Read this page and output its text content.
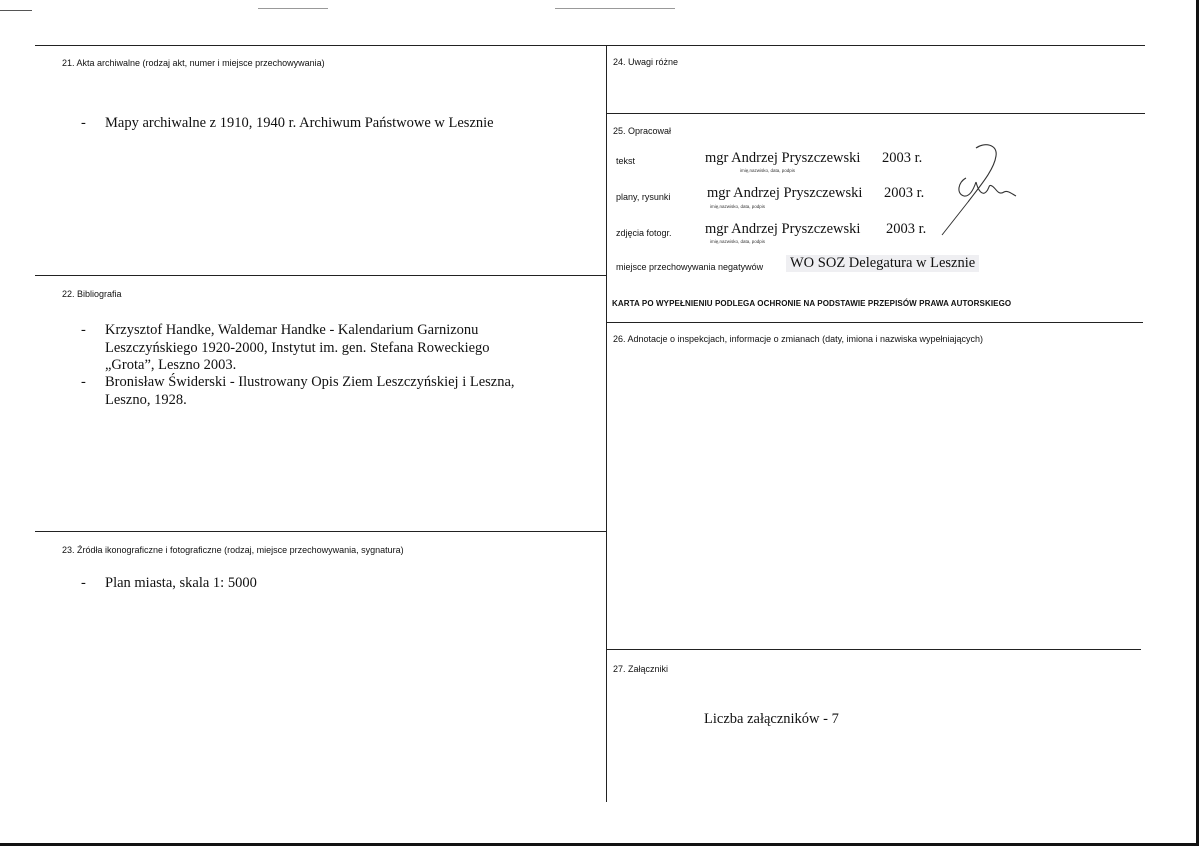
21. Akta archiwalne (rodzaj akt, numer i miejsce przechowywania)
- Mapy archiwalne z 1910, 1940 r. Archiwum Państwowe w Lesznie
22. Bibliografia
- Krzysztof Handke, Waldemar Handke - Kalendarium Garnizonu
Leszczyńskiego 1920-2000, Instytut im. gen. Stefana Roweckiego
„Grota”, Leszno 2003.
- Bronisław Świderski - Ilustrowany Opis Ziem Leszczyńskiej i Leszna,
Leszno, 1928.
23. Źródła ikonograficzne i fotograficzne (rodzaj, miejsce przechowywania, sygnatura)
- Plan miasta, skala 1: 5000
24. Uwagi różne
25. Opracował
tekst	mgr Andrzej Pryszczewski 2003 r.
imię,nazwisko, data, podpis
plany, rysunki	mgr Andrzej Pryszczewski 2003 r.
imię,nazwisko, data, podpis
zdjęcia fotogr. mgr Andrzej Pryszczewski 2003 r.
imię,nazwisko, data, podpis
miejsce przechowywania negatywów WO SOZ Delegatura w Lesznie
KARTA PO WYPEŁNIENIU PODLEGA OCHRONIE NA PODSTAWIE PRZEPISÓW PRAWA AUTORSKIEGO
26. Adnotacje o inspekcjach, informacje o zmianach (daty, imiona i nazwiska wypełniających)
27. Załączniki
Liczba załączników - 7
